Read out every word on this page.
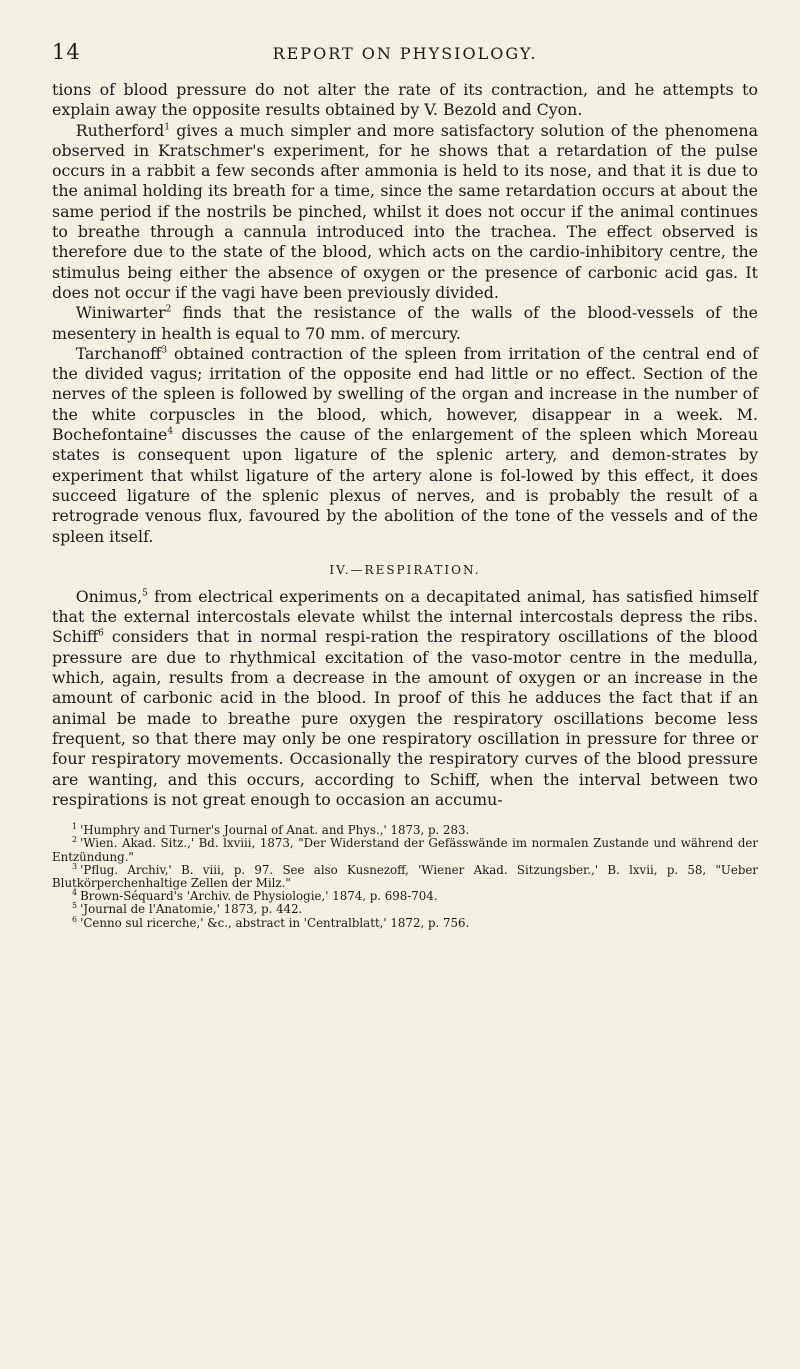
14	REPORT ON PHYSIOLOGY.

tions of blood pressure do not alter the rate of its contraction, and he attempts to explain away the opposite results obtained by V. Bezold and Cyon.

Rutherford$^1$ gives a much simpler and more satisfactory solution of the phenomena observed in Kratschmer's experiment, for he shows that a retardation of the pulse occurs in a rabbit a few seconds after ammonia is held to its nose, and that it is due to the animal holding its breath for a time, since the same retardation occurs at about the same period if the nostrils be pinched, whilst it does not occur if the animal continues to breathe through a cannula introduced into the trachea. The effect observed is therefore due to the state of the blood, which acts on the cardio-inhibitory centre, the stimulus being either the absence of oxygen or the presence of carbonic acid gas. It does not occur if the vagi have been previously divided.

Winiwarter$^2$ finds that the resistance of the walls of the blood-vessels of the mesentery in health is equal to 70 mm. of mercury.

Tarchanoff$^3$ obtained contraction of the spleen from irritation of the central end of the divided vagus; irritation of the opposite end had little or no effect. Section of the nerves of the spleen is followed by swelling of the organ and increase in the number of the white corpuscles in the blood, which, however, disappear in a week. M. Bochefontaine$^4$ discusses the cause of the enlargement of the spleen which Moreau states is consequent upon ligature of the splenic artery, and demon-strates by experiment that whilst ligature of the artery alone is fol-lowed by this effect, it does succeed ligature of the splenic plexus of nerves, and is probably the result of a retrograde venous flux, favoured by the abolition of the tone of the vessels and of the spleen itself.

IV.—RESPIRATION.

Onimus,$^5$ from electrical experiments on a decapitated animal, has satisfied himself that the external intercostals elevate whilst the internal intercostals depress the ribs. Schiff$^6$ considers that in normal respi-ration the respiratory oscillations of the blood pressure are due to rhythmical excitation of the vaso-motor centre in the medulla, which, again, results from a decrease in the amount of oxygen or an increase in the amount of carbonic acid in the blood. In proof of this he adduces the fact that if an animal be made to breathe pure oxygen the respiratory oscillations become less frequent, so that there may only be one respiratory oscillation in pressure for three or four respiratory movements. Occasionally the respiratory curves of the blood pressure are wanting, and this occurs, according to Schiff, when the interval between two respirations is not great enough to occasion an accumu-

$^1$ 'Humphry and Turner's Journal of Anat. and Phys.,' 1873, p. 283.

$^2$ 'Wien. Akad. Sitz.,' Bd. lxviii, 1873, "Der Widerstand der Gefässwände im normalen Zustande und während der Entzündung."

$^3$ 'Pflug. Archiv,' B. viii, p. 97. See also Kusnezoff, 'Wiener Akad. Sitzungsber.,' B. lxvii, p. 58, "Ueber Blutkörperchenhaltige Zellen der Milz."

$^4$ Brown-Séquard's 'Archiv. de Physiologie,' 1874, p. 698-704.

$^5$ 'Journal de l'Anatomie,' 1873, p. 442.

$^6$ 'Cenno sul ricerche,' &c., abstract in 'Centralblatt,' 1872, p. 756.
